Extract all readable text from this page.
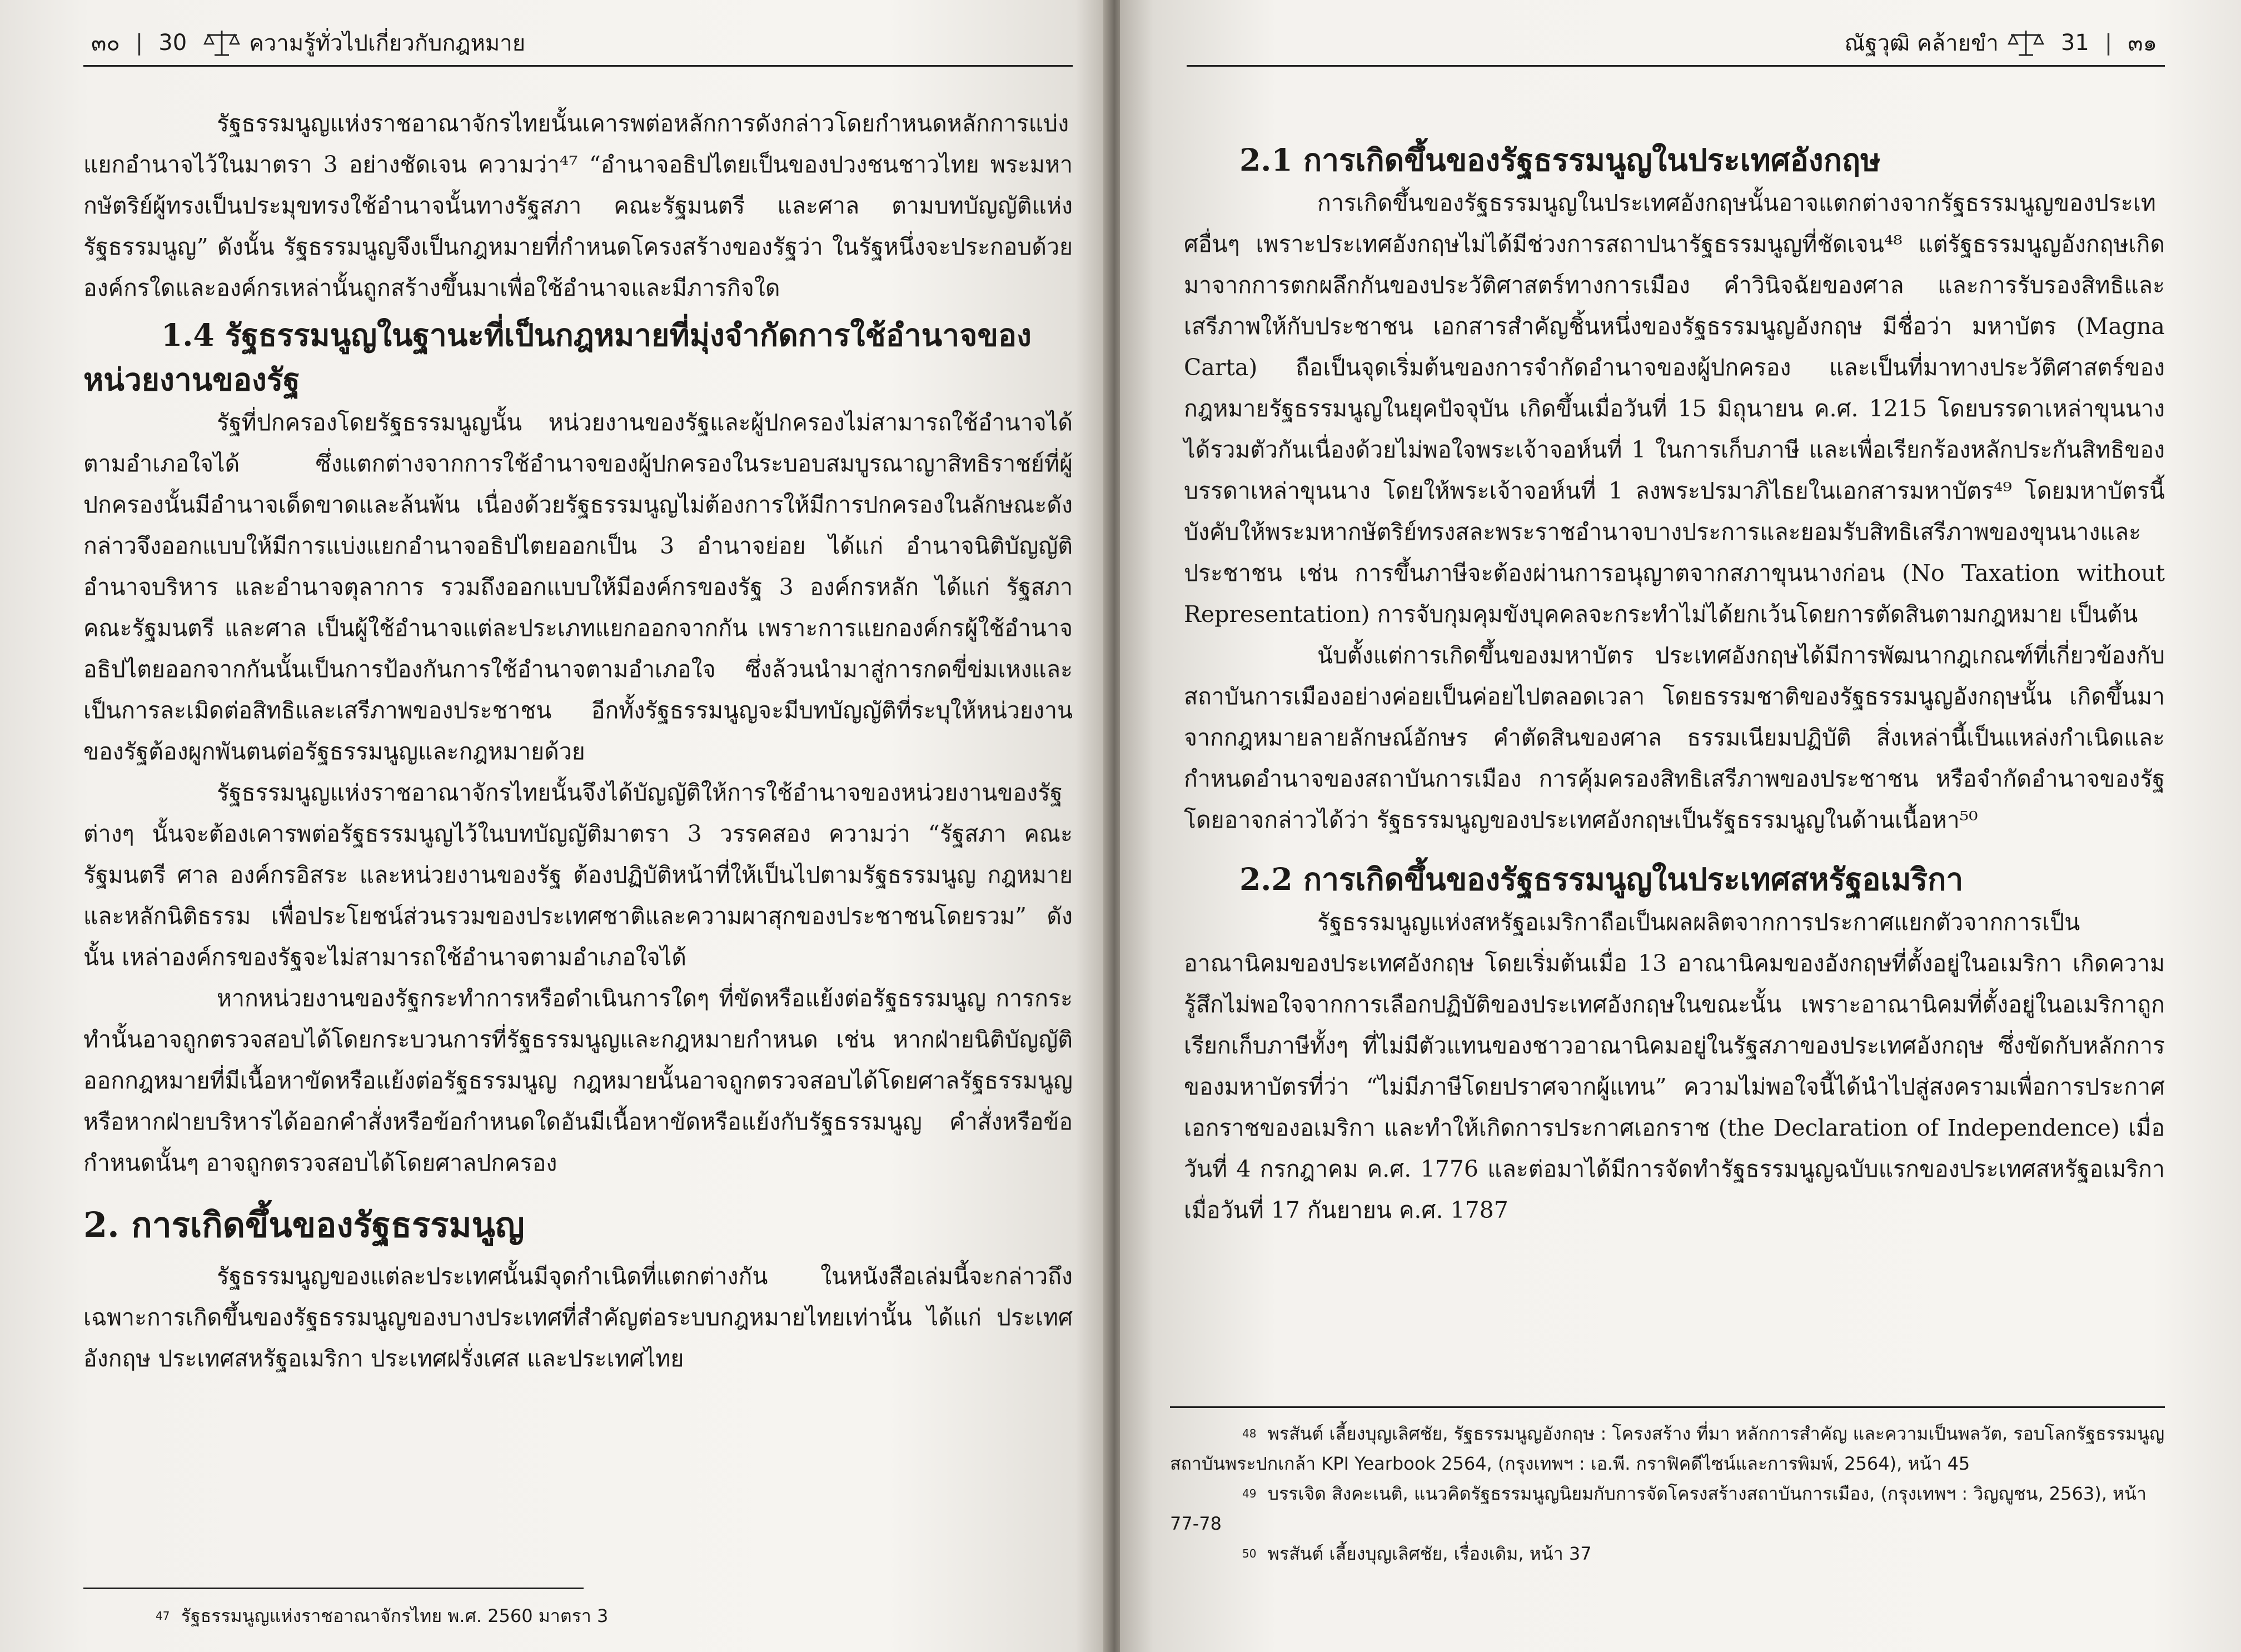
๓๐ | 30	ความรู้ทั่วไปเกี่ยวกับกฎหมาย

รัฐธรรมนูญแห่งราชอาณาจักรไทยนั้นเคารพต่อหลักการดังกล่าวโดยกำหนดหลักการแบ่งแยกอำนาจไว้ในมาตรา 3 อย่างชัดเจน ความว่า⁴⁷ “อำนาจอธิปไตยเป็นของปวงชนชาวไทย พระมหากษัตริย์ผู้ทรงเป็นประมุขทรงใช้อำนาจนั้นทางรัฐสภา คณะรัฐมนตรี และศาล ตามบทบัญญัติแห่งรัฐธรรมนูญ” ดังนั้น รัฐธรรมนูญจึงเป็นกฎหมายที่กำหนดโครงสร้างของรัฐว่า ในรัฐหนึ่งจะประกอบด้วยองค์กรใดและองค์กรเหล่านั้นถูกสร้างขึ้นมาเพื่อใช้อำนาจและมีภารกิจใด

1.4 รัฐธรรมนูญในฐานะที่เป็นกฎหมายที่มุ่งจำกัดการใช้อำนาจของหน่วยงานของรัฐ

รัฐที่ปกครองโดยรัฐธรรมนูญนั้น หน่วยงานของรัฐและผู้ปกครองไม่สามารถใช้อำนาจได้ตามอำเภอใจได้ ซึ่งแตกต่างจากการใช้อำนาจของผู้ปกครองในระบอบสมบูรณาญาสิทธิราชย์ที่ผู้ปกครองนั้นมีอำนาจเด็ดขาดและล้นพ้น เนื่องด้วยรัฐธรรมนูญไม่ต้องการให้มีการปกครองในลักษณะดังกล่าวจึงออกแบบให้มีการแบ่งแยกอำนาจอธิปไตยออกเป็น 3 อำนาจย่อย ได้แก่ อำนาจนิติบัญญัติ อำนาจบริหาร และอำนาจตุลาการ รวมถึงออกแบบให้มีองค์กรของรัฐ 3 องค์กรหลัก ได้แก่ รัฐสภา คณะรัฐมนตรี และศาล เป็นผู้ใช้อำนาจแต่ละประเภทแยกออกจากกัน เพราะการแยกองค์กรผู้ใช้อำนาจอธิปไตยออกจากกันนั้นเป็นการป้องกันการใช้อำนาจตามอำเภอใจ ซึ่งล้วนนำมาสู่การกดขี่ข่มเหงและเป็นการละเมิดต่อสิทธิและเสรีภาพของประชาชน อีกทั้งรัฐธรรมนูญจะมีบทบัญญัติที่ระบุให้หน่วยงานของรัฐต้องผูกพันตนต่อรัฐธรรมนูญและกฎหมายด้วย

รัฐธรรมนูญแห่งราชอาณาจักรไทยนั้นจึงได้บัญญัติให้การใช้อำนาจของหน่วยงานของรัฐต่างๆ นั้นจะต้องเคารพต่อรัฐธรรมนูญไว้ในบทบัญญัติมาตรา 3 วรรคสอง ความว่า “รัฐสภา คณะรัฐมนตรี ศาล องค์กรอิสระ และหน่วยงานของรัฐ ต้องปฏิบัติหน้าที่ให้เป็นไปตามรัฐธรรมนูญ กฎหมาย และหลักนิติธรรม เพื่อประโยชน์ส่วนรวมของประเทศชาติและความผาสุกของประชาชนโดยรวม” ดังนั้น เหล่าองค์กรของรัฐจะไม่สามารถใช้อำนาจตามอำเภอใจได้

หากหน่วยงานของรัฐกระทำการหรือดำเนินการใดๆ ที่ขัดหรือแย้งต่อรัฐธรรมนูญ การกระทำนั้นอาจถูกตรวจสอบได้โดยกระบวนการที่รัฐธรรมนูญและกฎหมายกำหนด เช่น หากฝ่ายนิติบัญญัติออกกฎหมายที่มีเนื้อหาขัดหรือแย้งต่อรัฐธรรมนูญ กฎหมายนั้นอาจถูกตรวจสอบได้โดยศาลรัฐธรรมนูญ หรือหากฝ่ายบริหารได้ออกคำสั่งหรือข้อกำหนดใดอันมีเนื้อหาขัดหรือแย้งกับรัฐธรรมนูญ คำสั่งหรือข้อกำหนดนั้นๆ อาจถูกตรวจสอบได้โดยศาลปกครอง

2. การเกิดขึ้นของรัฐธรรมนูญ

รัฐธรรมนูญของแต่ละประเทศนั้นมีจุดกำเนิดที่แตกต่างกัน ในหนังสือเล่มนี้จะกล่าวถึงเฉพาะการเกิดขึ้นของรัฐธรรมนูญของบางประเทศที่สำคัญต่อระบบกฎหมายไทยเท่านั้น ได้แก่ ประเทศอังกฤษ ประเทศสหรัฐอเมริกา ประเทศฝรั่งเศส และประเทศไทย

$^{47}$ รัฐธรรมนูญแห่งราชอาณาจักรไทย พ.ศ. 2560 มาตรา 3
ณัฐวุฒิ คล้ายขำ	31 | ๓๑
2.1 การเกิดขึ้นของรัฐธรรมนูญในประเทศอังกฤษ

การเกิดขึ้นของรัฐธรรมนูญในประเทศอังกฤษนั้นอาจแตกต่างจากรัฐธรรมนูญของประเทศอื่นๆ เพราะประเทศอังกฤษไม่ได้มีช่วงการสถาปนารัฐธรรมนูญที่ชัดเจน⁴⁸ แต่รัฐธรรมนูญอังกฤษเกิดมาจากการตกผลึกกันของประวัติศาสตร์ทางการเมือง คำวินิจฉัยของศาล และการรับรองสิทธิและเสรีภาพให้กับประชาชน เอกสารสำคัญชิ้นหนึ่งของรัฐธรรมนูญอังกฤษ มีชื่อว่า มหาบัตร (Magna Carta) ถือเป็นจุดเริ่มต้นของการจำกัดอำนาจของผู้ปกครอง และเป็นที่มาทางประวัติศาสตร์ของกฎหมายรัฐธรรมนูญในยุคปัจจุบัน เกิดขึ้นเมื่อวันที่ 15 มิถุนายน ค.ศ. 1215 โดยบรรดาเหล่าขุนนางได้รวมตัวกันเนื่องด้วยไม่พอใจพระเจ้าจอห์นที่ 1 ในการเก็บภาษี และเพื่อเรียกร้องหลักประกันสิทธิของบรรดาเหล่าขุนนาง โดยให้พระเจ้าจอห์นที่ 1 ลงพระปรมาภิไธยในเอกสารมหาบัตร⁴⁹ โดยมหาบัตรนี้บังคับให้พระมหากษัตริย์ทรงสละพระราชอำนาจบางประการและยอมรับสิทธิเสรีภาพของขุนนางและประชาชน เช่น การขึ้นภาษีจะต้องผ่านการอนุญาตจากสภาขุนนางก่อน (No Taxation without Representation) การจับกุมคุมขังบุคคลจะกระทำไม่ได้ยกเว้นโดยการตัดสินตามกฎหมาย เป็นต้น

นับตั้งแต่การเกิดขึ้นของมหาบัตร ประเทศอังกฤษได้มีการพัฒนากฎเกณฑ์ที่เกี่ยวข้องกับสถาบันการเมืองอย่างค่อยเป็นค่อยไปตลอดเวลา โดยธรรมชาติของรัฐธรรมนูญอังกฤษนั้น เกิดขึ้นมาจากกฎหมายลายลักษณ์อักษร คำตัดสินของศาล ธรรมเนียมปฏิบัติ สิ่งเหล่านี้เป็นแหล่งกำเนิดและกำหนดอำนาจของสถาบันการเมือง การคุ้มครองสิทธิเสรีภาพของประชาชน หรือจำกัดอำนาจของรัฐ โดยอาจกล่าวได้ว่า รัฐธรรมนูญของประเทศอังกฤษเป็นรัฐธรรมนูญในด้านเนื้อหา⁵⁰

2.2 การเกิดขึ้นของรัฐธรรมนูญในประเทศสหรัฐอเมริกา

รัฐธรรมนูญแห่งสหรัฐอเมริกาถือเป็นผลผลิตจากการประกาศแยกตัวจากการเป็นอาณานิคมของประเทศอังกฤษ โดยเริ่มต้นเมื่อ 13 อาณานิคมของอังกฤษที่ตั้งอยู่ในอเมริกา เกิดความรู้สึกไม่พอใจจากการเลือกปฏิบัติของประเทศอังกฤษในขณะนั้น เพราะอาณานิคมที่ตั้งอยู่ในอเมริกาถูกเรียกเก็บภาษีทั้งๆ ที่ไม่มีตัวแทนของชาวอาณานิคมอยู่ในรัฐสภาของประเทศอังกฤษ ซึ่งขัดกับหลักการของมหาบัตรที่ว่า “ไม่มีภาษีโดยปราศจากผู้แทน” ความไม่พอใจนี้ได้นำไปสู่สงครามเพื่อการประกาศเอกราชของอเมริกา และทำให้เกิดการประกาศเอกราช (the Declaration of Independence) เมื่อวันที่ 4 กรกฎาคม ค.ศ. 1776 และต่อมาได้มีการจัดทำรัฐธรรมนูญฉบับแรกของประเทศสหรัฐอเมริกาเมื่อวันที่ 17 กันยายน ค.ศ. 1787

$^{48}$ พรสันต์ เลี้ยงบุญเลิศชัย, รัฐธรรมนูญอังกฤษ : โครงสร้าง ที่มา หลักการสำคัญ และความเป็นพลวัต, รอบโลกรัฐธรรมนูญ สถาบันพระปกเกล้า KPI Yearbook 2564, (กรุงเทพฯ : เอ.พี. กราฟิคดีไซน์และการพิมพ์, 2564), หน้า 45
$^{49}$ บรรเจิด สิงคะเนติ, แนวคิดรัฐธรรมนูญนิยมกับการจัดโครงสร้างสถาบันการเมือง, (กรุงเทพฯ : วิญญูชน, 2563), หน้า 77-78
$^{50}$ พรสันต์ เลี้ยงบุญเลิศชัย, เรื่องเดิม, หน้า 37
